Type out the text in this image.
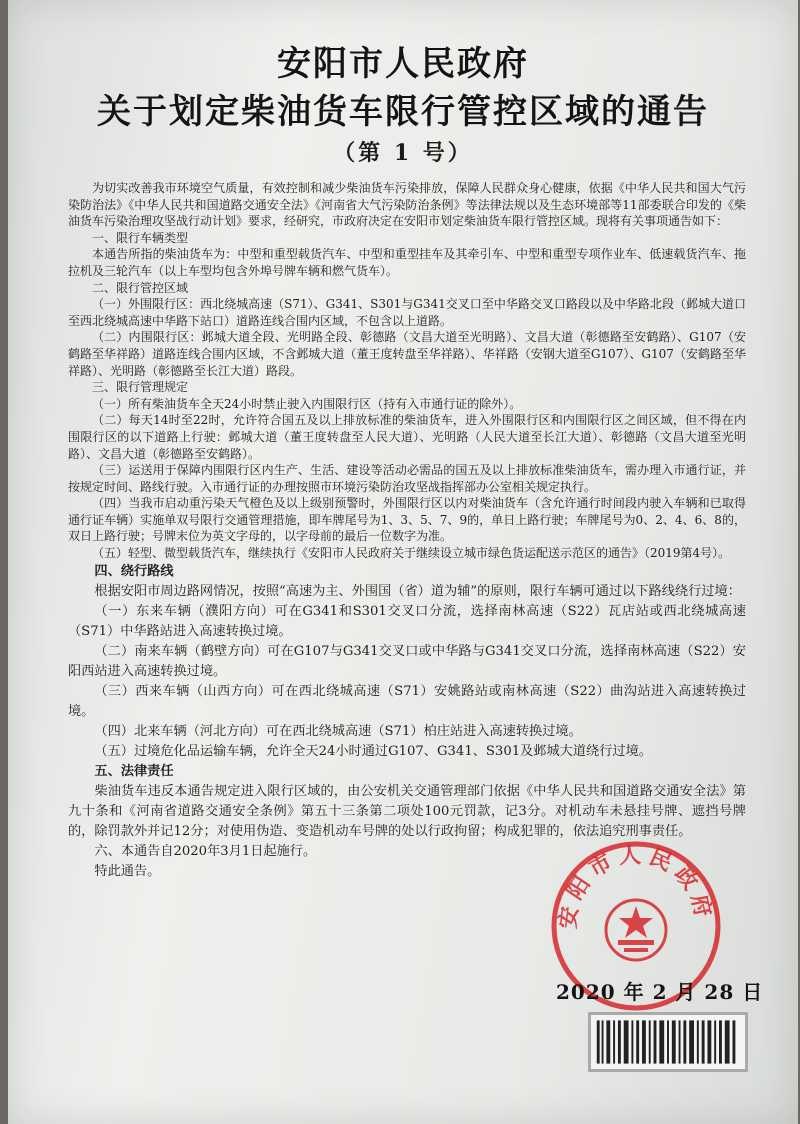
安阳市人民政府
关于划定柴油货车限行管控区域的通告
（第 1 号）

为切实改善我市环境空气质量，有效控制和减少柴油货车污染排放，保障人民群众身心健康，依据《中华人民共和国大气污染防治法》《中华人民共和国道路交通安全法》《河南省大气污染防治条例》等法律法规以及生态环境部等11部委联合印发的《柴油货车污染治理攻坚战行动计划》要求，经研究，市政府决定在安阳市划定柴油货车限行管控区域。现将有关事项通告如下：

一、限行车辆类型

本通告所指的柴油货车为：中型和重型载货汽车、中型和重型挂车及其牵引车、中型和重型专项作业车、低速载货汽车、拖拉机及三轮汽车（以上车型均包含外埠号牌车辆和燃气货车）。

二、限行管控区域

（一）外围限行区：西北绕城高速（S71）、G341、S301与G341交叉口至中华路交叉口路段以及中华路北段（邺城大道口至西北绕城高速中华路下站口）道路连线合围内区域，不包含以上道路。

（二）内围限行区：邺城大道全段、光明路全段、彰德路（文昌大道至光明路）、文昌大道（彰德路至安鹤路）、G107（安鹤路至华祥路）道路连线合围内区域，不含邺城大道（董王度转盘至华祥路）、华祥路（安钢大道至G107）、G107（安鹤路至华祥路）、光明路（彰德路至长江大道）路段。

三、限行管理规定

（一）所有柴油货车全天24小时禁止驶入内围限行区（持有入市通行证的除外）。

（二）每天14时至22时，允许符合国五及以上排放标准的柴油货车，进入外围限行区和内围限行区之间区域，但不得在内围限行区的以下道路上行驶：邺城大道（董王度转盘至人民大道）、光明路（人民大道至长江大道）、彰德路（文昌大道至光明路）、文昌大道（彰德路至安鹤路）。

（三）运送用于保障内围限行区内生产、生活、建设等活动必需品的国五及以上排放标准柴油货车，需办理入市通行证，并按规定时间、路线行驶。入市通行证的办理按照市环境污染防治攻坚战指挥部办公室相关规定执行。

（四）当我市启动重污染天气橙色及以上级别预警时，外围限行区以内对柴油货车（含允许通行时间段内驶入车辆和已取得通行证车辆）实施单双号限行交通管理措施，即车牌尾号为1、3、5、7、9的，单日上路行驶；车牌尾号为0、2、4、6、8的，双日上路行驶；号牌末位为英文字母的，以字母前的最后一位数字为准。

（五）轻型、微型载货汽车，继续执行《安阳市人民政府关于继续设立城市绿色货运配送示范区的通告》（2019第4号）。

四、绕行路线

根据安阳市周边路网情况，按照“高速为主、外围国（省）道为辅”的原则，限行车辆可通过以下路线绕行过境：

（一）东来车辆（濮阳方向）可在G341和S301交叉口分流，选择南林高速（S22）瓦店站或西北绕城高速（S71）中华路站进入高速转换过境。

（二）南来车辆（鹤壁方向）可在G107与G341交叉口或中华路与G341交叉口分流，选择南林高速（S22）安阳西站进入高速转换过境。

（三）西来车辆（山西方向）可在西北绕城高速（S71）安姚路站或南林高速（S22）曲沟站进入高速转换过境。

（四）北来车辆（河北方向）可在西北绕城高速（S71）柏庄站进入高速转换过境。

（五）过境危化品运输车辆，允许全天24小时通过G107、G341、S301及邺城大道绕行过境。

五、法律责任

柴油货车违反本通告规定进入限行区域的，由公安机关交通管理部门依据《中华人民共和国道路交通安全法》第九十条和《河南省道路交通安全条例》第五十三条第二项处100元罚款，记3分。对机动车未悬挂号牌、遮挡号牌的，除罚款外并记12分；对使用伪造、变造机动车号牌的处以行政拘留；构成犯罪的，依法追究刑事责任。

六、本通告自2020年3月1日起施行。

特此通告。

安阳市人民政府
2020 年 2 月 28 日
